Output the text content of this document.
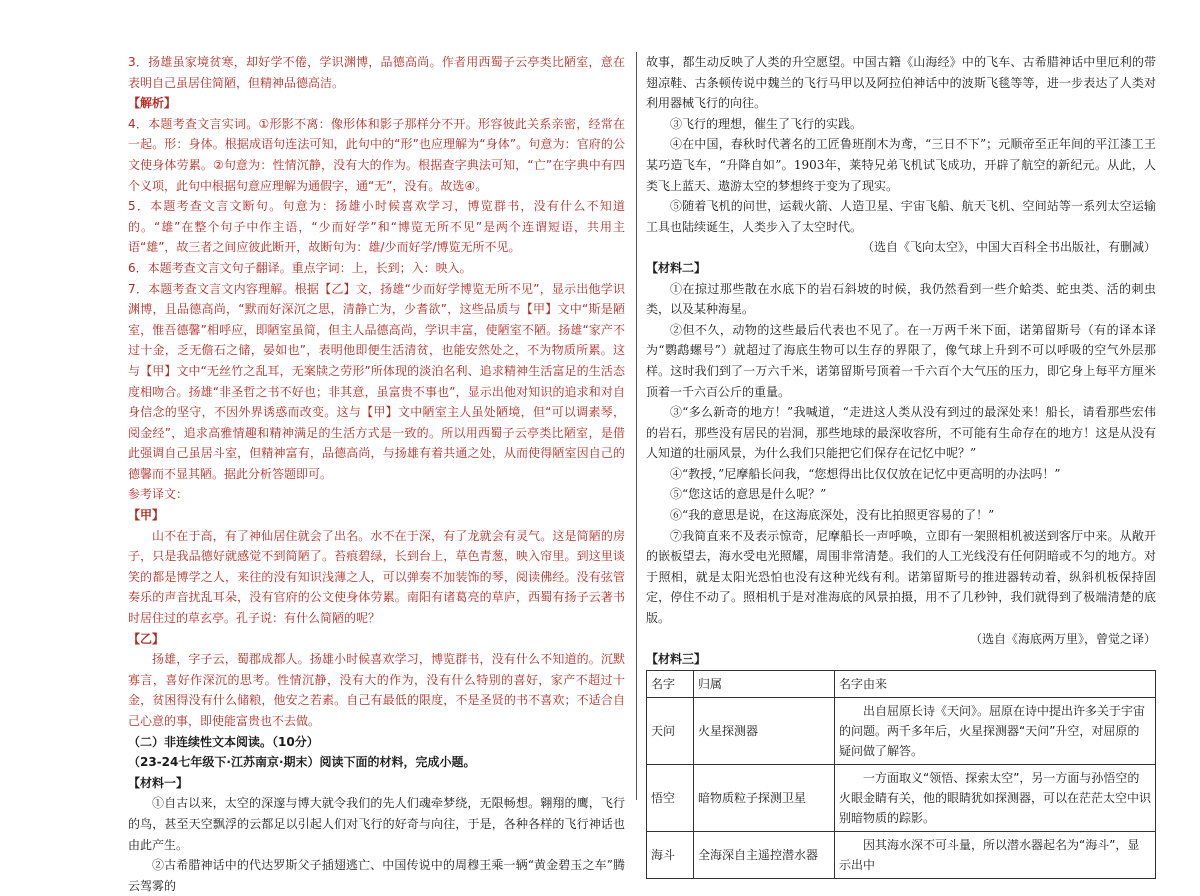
3．扬雄虽家境贫寒，却好学不倦，学识渊博，品德高尚。作者用西蜀子云亭类比陋室，意在表明自己虽居住简陋，但精神品德高洁。

【解析】

4．本题考查文言实词。①形影不离：像形体和影子那样分不开。形容彼此关系亲密，经常在一起。形：身体。根据成语句连法可知，此句中的“形”也应理解为“身体”。句意为：官府的公文使身体劳累。②句意为：性情沉静，没有大的作为。根据查字典法可知，“亡”在字典中有四个义项，此句中根据句意应理解为通假字，通“无”，没有。故选④。

5．本题考查文言文断句。句意为：扬雄小时候喜欢学习，博览群书，没有什么不知道的。“雄”在整个句子中作主语，“少而好学”和“博览无所不见”是两个连谓短语，共用主语“雄”，故三者之间应彼此断开，故断句为：雄/少而好学/博览无所不见。

6．本题考查文言文句子翻译。重点字词：上，长到；入：映入。

7．本题考查文言文内容理解。根据【乙】文，扬雄“少而好学博览无所不见”，显示出他学识渊博，且品德高尚，“默而好深沉之思，清静亡为，少耆欲”，这些品质与【甲】文中“斯是陋室，惟吾德馨”相呼应，即陋室虽简，但主人品德高尚，学识丰富，使陋室不陋。扬雄“家产不过十金，乏无儋石之储，晏如也”，表明他即便生活清贫，也能安然处之，不为物质所累。这与【甲】文中“无丝竹之乱耳，无案牍之劳形”所体现的淡泊名利、追求精神生活富足的生活态度相吻合。扬雄“非圣哲之书不好也；非其意，虽富贵不事也”，显示出他对知识的追求和对自身信念的坚守，不因外界诱惑而改变。这与【甲】文中陋室主人虽处陋境，但“可以调素琴，阅金经”，追求高雅情趣和精神满足的生活方式是一致的。所以用西蜀子云亭类比陋室，是借此强调自己虽居斗室，但精神富有，品德高尚，与扬雄有着共通之处，从而使得陋室因自己的德馨而不显其陋。据此分析答题即可。

参考译文：

【甲】

山不在于高，有了神仙居住就会了出名。水不在于深，有了龙就会有灵气。这是简陋的房子，只是我品德好就感觉不到简陋了。苔痕碧绿，长到台上，草色青葱，映入帘里。到这里谈笑的都是博学之人，来往的没有知识浅薄之人，可以弹奏不加装饰的琴，阅读佛经。没有弦管奏乐的声音扰乱耳朵，没有官府的公文使身体劳累。南阳有诸葛亮的草庐，西蜀有扬子云著书时居住过的草玄亭。孔子说：有什么简陋的呢？

【乙】

扬雄，字子云，蜀郡成都人。扬雄小时候喜欢学习，博览群书，没有什么不知道的。沉默寡言，喜好作深沉的思考。性情沉静，没有大的作为，没有什么特别的喜好，家产不超过十金，贫困得没有什么储粮，他安之若素。自己有最低的限度，不是圣贤的书不喜欢；不适合自己心意的事，即使能富贵也不去做。

（二）非连续性文本阅读。（10分）

（23-24七年级下·江苏南京·期末）阅读下面的材料，完成小题。

【材料一】

①自古以来，太空的深邃与博大就令我们的先人们魂牵梦绕，无限畅想。翱翔的鹰，飞行的鸟，甚至天空飘浮的云都足以引起人们对飞行的好奇与向往，于是，各种各样的飞行神话也由此产生。

②古希腊神话中的代达罗斯父子插翅逃亡、中国传说中的周穆王乘一辆“黄金碧玉之车”腾云驾雾的

故事，都生动反映了人类的升空愿望。中国古籍《山海经》中的飞车、古希腊神话中里厄利的带翅凉鞋、古条顿传说中魏兰的飞行马甲以及阿拉伯神话中的波斯飞毯等等，进一步表达了人类对利用器械飞行的向往。

③飞行的理想，催生了飞行的实践。

④在中国，春秋时代著名的工匠鲁班削木为鸢，“三日不下”；元顺帝至正年间的平江漆工王某巧造飞车，“升降自如”。1903年，莱特兄弟飞机试飞成功，开辟了航空的新纪元。从此，人类飞上蓝天、遨游太空的梦想终于变为了现实。

⑤随着飞机的问世，运载火箭、人造卫星、宇宙飞船、航天飞机、空间站等一系列太空运输工具也陆续诞生，人类步入了太空时代。

（选自《飞向太空》，中国大百科全书出版社，有删减）

【材料二】

①在掠过那些散在水底下的岩石斜坡的时候，我仍然看到一些介蛤类、蛇虫类、活的刺虫类，以及某种海星。

②但不久，动物的这些最后代表也不见了。在一万两千米下面，诺第留斯号（有的译本译为“鹦鹉螺号”）就超过了海底生物可以生存的界限了，像气球上升到不可以呼吸的空气外层那样。这时我们到了一万六千米，诺第留斯号顶着一千六百个大气压的压力，即它身上每平方厘米顶着一千六百公斤的重量。

③“多么新奇的地方！”我喊道，“走进这人类从没有到过的最深处来！船长，请看那些宏伟的岩石，那些没有居民的岩洞，那些地球的最深收容所，不可能有生命存在的地方！这是从没有人知道的壮丽风景，为什么我们只能把它们保存在记忆中呢？”

④“教授，”尼摩船长问我，“您想得出比仅仅放在记忆中更高明的办法吗！”

⑤“您这话的意思是什么呢？”

⑥“我的意思是说，在这海底深处，没有比拍照更容易的了！”

⑦我简直来不及表示惊奇，尼摩船长一声呼唤，立即有一架照相机被送到客厅中来。从敞开的嵌板望去，海水受电光照耀，周围非常清楚。我们的人工光线没有任何阴暗或不匀的地方。对于照相，就是太阳光恐怕也没有这种光线有利。诺第留斯号的推进器转动着，纵斜机板保持固定，停住不动了。照相机于是对准海底的风景拍摄，用不了几秒钟，我们就得到了极端清楚的底版。

（选自《海底两万里》，曾觉之译）

【材料三】

名字	归属	名字由来
天问	火星探测器	出自屈原长诗《天问》。屈原在诗中提出许多关于宇宙的问题。两千多年后，火星探测器“天问”升空，对屈原的疑问做了解答。

悟空	暗物质粒子探测卫星	一方面取义“领悟、探索太空”，另一方面与孙悟空的火眼金睛有关，他的眼睛犹如探测器，可以在茫茫太空中识别暗物质的踪影。

海斗	全海深自主遥控潜水器	因其海水深不可斗量，所以潜水器起名为“海斗”，显示出中
